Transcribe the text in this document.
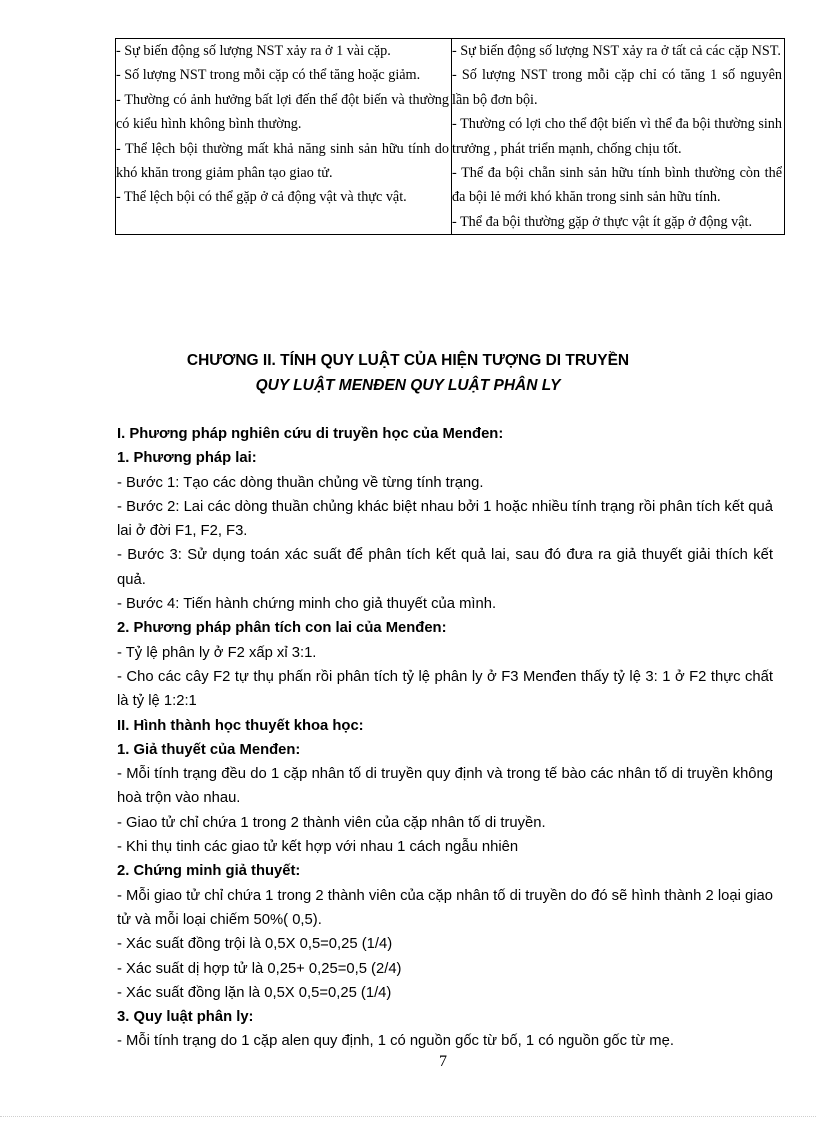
- Sự biến động số lượng NST xảy ra ở 1 vài cặp.
- Số lượng NST trong mỗi cặp có thể tăng hoặc giảm.
- Thường có ảnh hưởng bất lợi đến thể đột biến và thường có kiểu hình không bình thường.
- Thể lệch bội thường mất khả năng sinh sản hữu tính do khó khăn trong giảm phân tạo giao tử.
- Thể lệch bội có thể gặp ở cả động vật và thực vật.

- Sự biến động số lượng NST xảy ra ở tất cả các cặp NST.
- Số lượng NST trong mỗi cặp chỉ có tăng 1 số nguyên lần bộ đơn bội.
- Thường có lợi cho thể đột biến vì thể đa bội thường sinh trưởng , phát triển mạnh, chống chịu tốt.
- Thể đa bội chẵn sinh sản hữu tính bình thường còn thể đa bội lẻ mới khó khăn trong sinh sản hữu tính.
- Thể đa bội thường gặp ở thực vật ít gặp ở động vật.
CHƯƠNG II. TÍNH QUY LUẬT CỦA HIỆN TƯỢNG DI TRUYỀN
QUY LUẬT MENĐEN QUY LUẬT PHÂN LY

I. Phương pháp nghiên cứu di truyền học của Menđen:

1. Phương pháp lai:

- Bước 1: Tạo các dòng thuần chủng về từng tính trạng.

- Bước 2: Lai các dòng thuần chủng khác biệt nhau bởi 1 hoặc nhiều tính trạng rồi phân tích kết quả lai ở đời F1, F2, F3.

- Bước 3: Sử dụng toán xác suất để phân tích kết quả lai, sau đó đưa ra giả thuyết giải thích kết quả.

- Bước 4: Tiến hành chứng minh cho giả thuyết của mình.

2. Phương pháp phân tích con lai của Menđen:

- Tỷ lệ phân ly ở F2 xấp xỉ 3:1.

- Cho các cây F2 tự thụ phấn rồi phân tích tỷ lệ phân ly ở F3 Menđen thấy tỷ lệ 3: 1 ở F2 thực chất là tỷ lệ 1:2:1

II. Hình thành học thuyết khoa học:

1. Giả thuyết của Menđen:

- Mỗi tính trạng đều do 1 cặp nhân tố di truyền quy định và trong tế bào các nhân tố di truyền không hoà trộn vào nhau.

- Giao tử chỉ chứa 1 trong 2 thành viên của cặp nhân tố di truyền.

- Khi thụ tinh các giao tử kết hợp với nhau 1 cách ngẫu nhiên

2. Chứng minh giả thuyết:

- Mỗi giao tử chỉ chứa 1 trong 2 thành viên của cặp nhân tố di truyền do đó sẽ hình thành 2 loại giao tử và mỗi loại chiếm 50%( 0,5).

- Xác suất đồng trội là 0,5X 0,5=0,25 (1/4)

- Xác suất dị hợp tử là 0,25+ 0,25=0,5 (2/4)

- Xác suất đồng lặn là 0,5X 0,5=0,25 (1/4)

3. Quy luật phân ly:

- Mỗi tính trạng do 1 cặp alen quy định, 1 có nguồn gốc từ bố, 1 có nguồn gốc từ mẹ.

7
